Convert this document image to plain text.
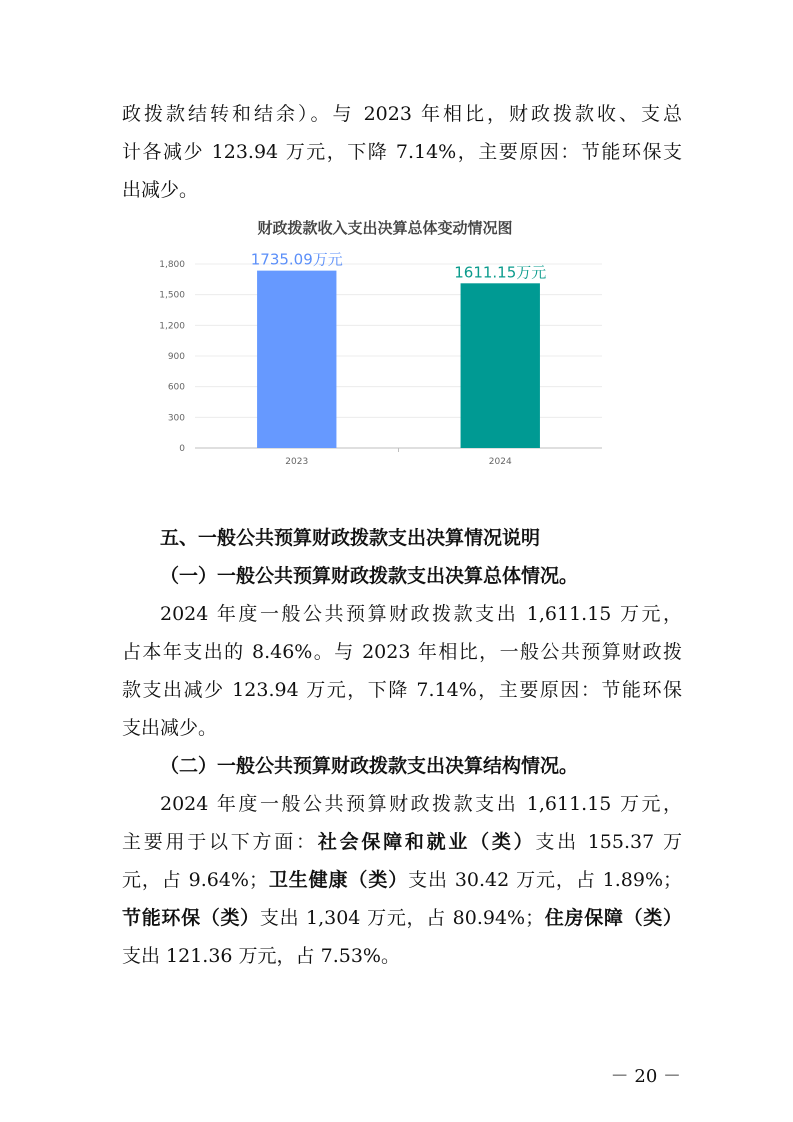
政拨款结转和结余）。与 2023 年相比，财政拨款收、支总
计各减少 123.94 万元，下降 7.14%，主要原因：节能环保支
出减少。
财政拨款收入支出决算总体变动情况图
0
300
600
900
1,200
1,500
1,800	1735.09万元
1611.15万元
2023	2024
五、一般公共预算财政拨款支出决算情况说明
（一）一般公共预算财政拨款支出决算总体情况。
2024 年度一般公共预算财政拨款支出 1,611.15 万元，
占本年支出的 8.46%。与 2023 年相比，一般公共预算财政拨
款支出减少 123.94 万元，下降 7.14%，主要原因：节能环保
支出减少。
（二）一般公共预算财政拨款支出决算结构情况。
2024 年度一般公共预算财政拨款支出 1,611.15 万元，
主要用于以下方面：社会保障和就业（类）支出 155.37 万
元，占 9.64%；卫生健康（类）支出 30.42 万元，占 1.89%；
节能环保（类）支出 1,304 万元，占 80.94%；住房保障（类）
支出 121.36 万元，占 7.53%。
－ 20 －
